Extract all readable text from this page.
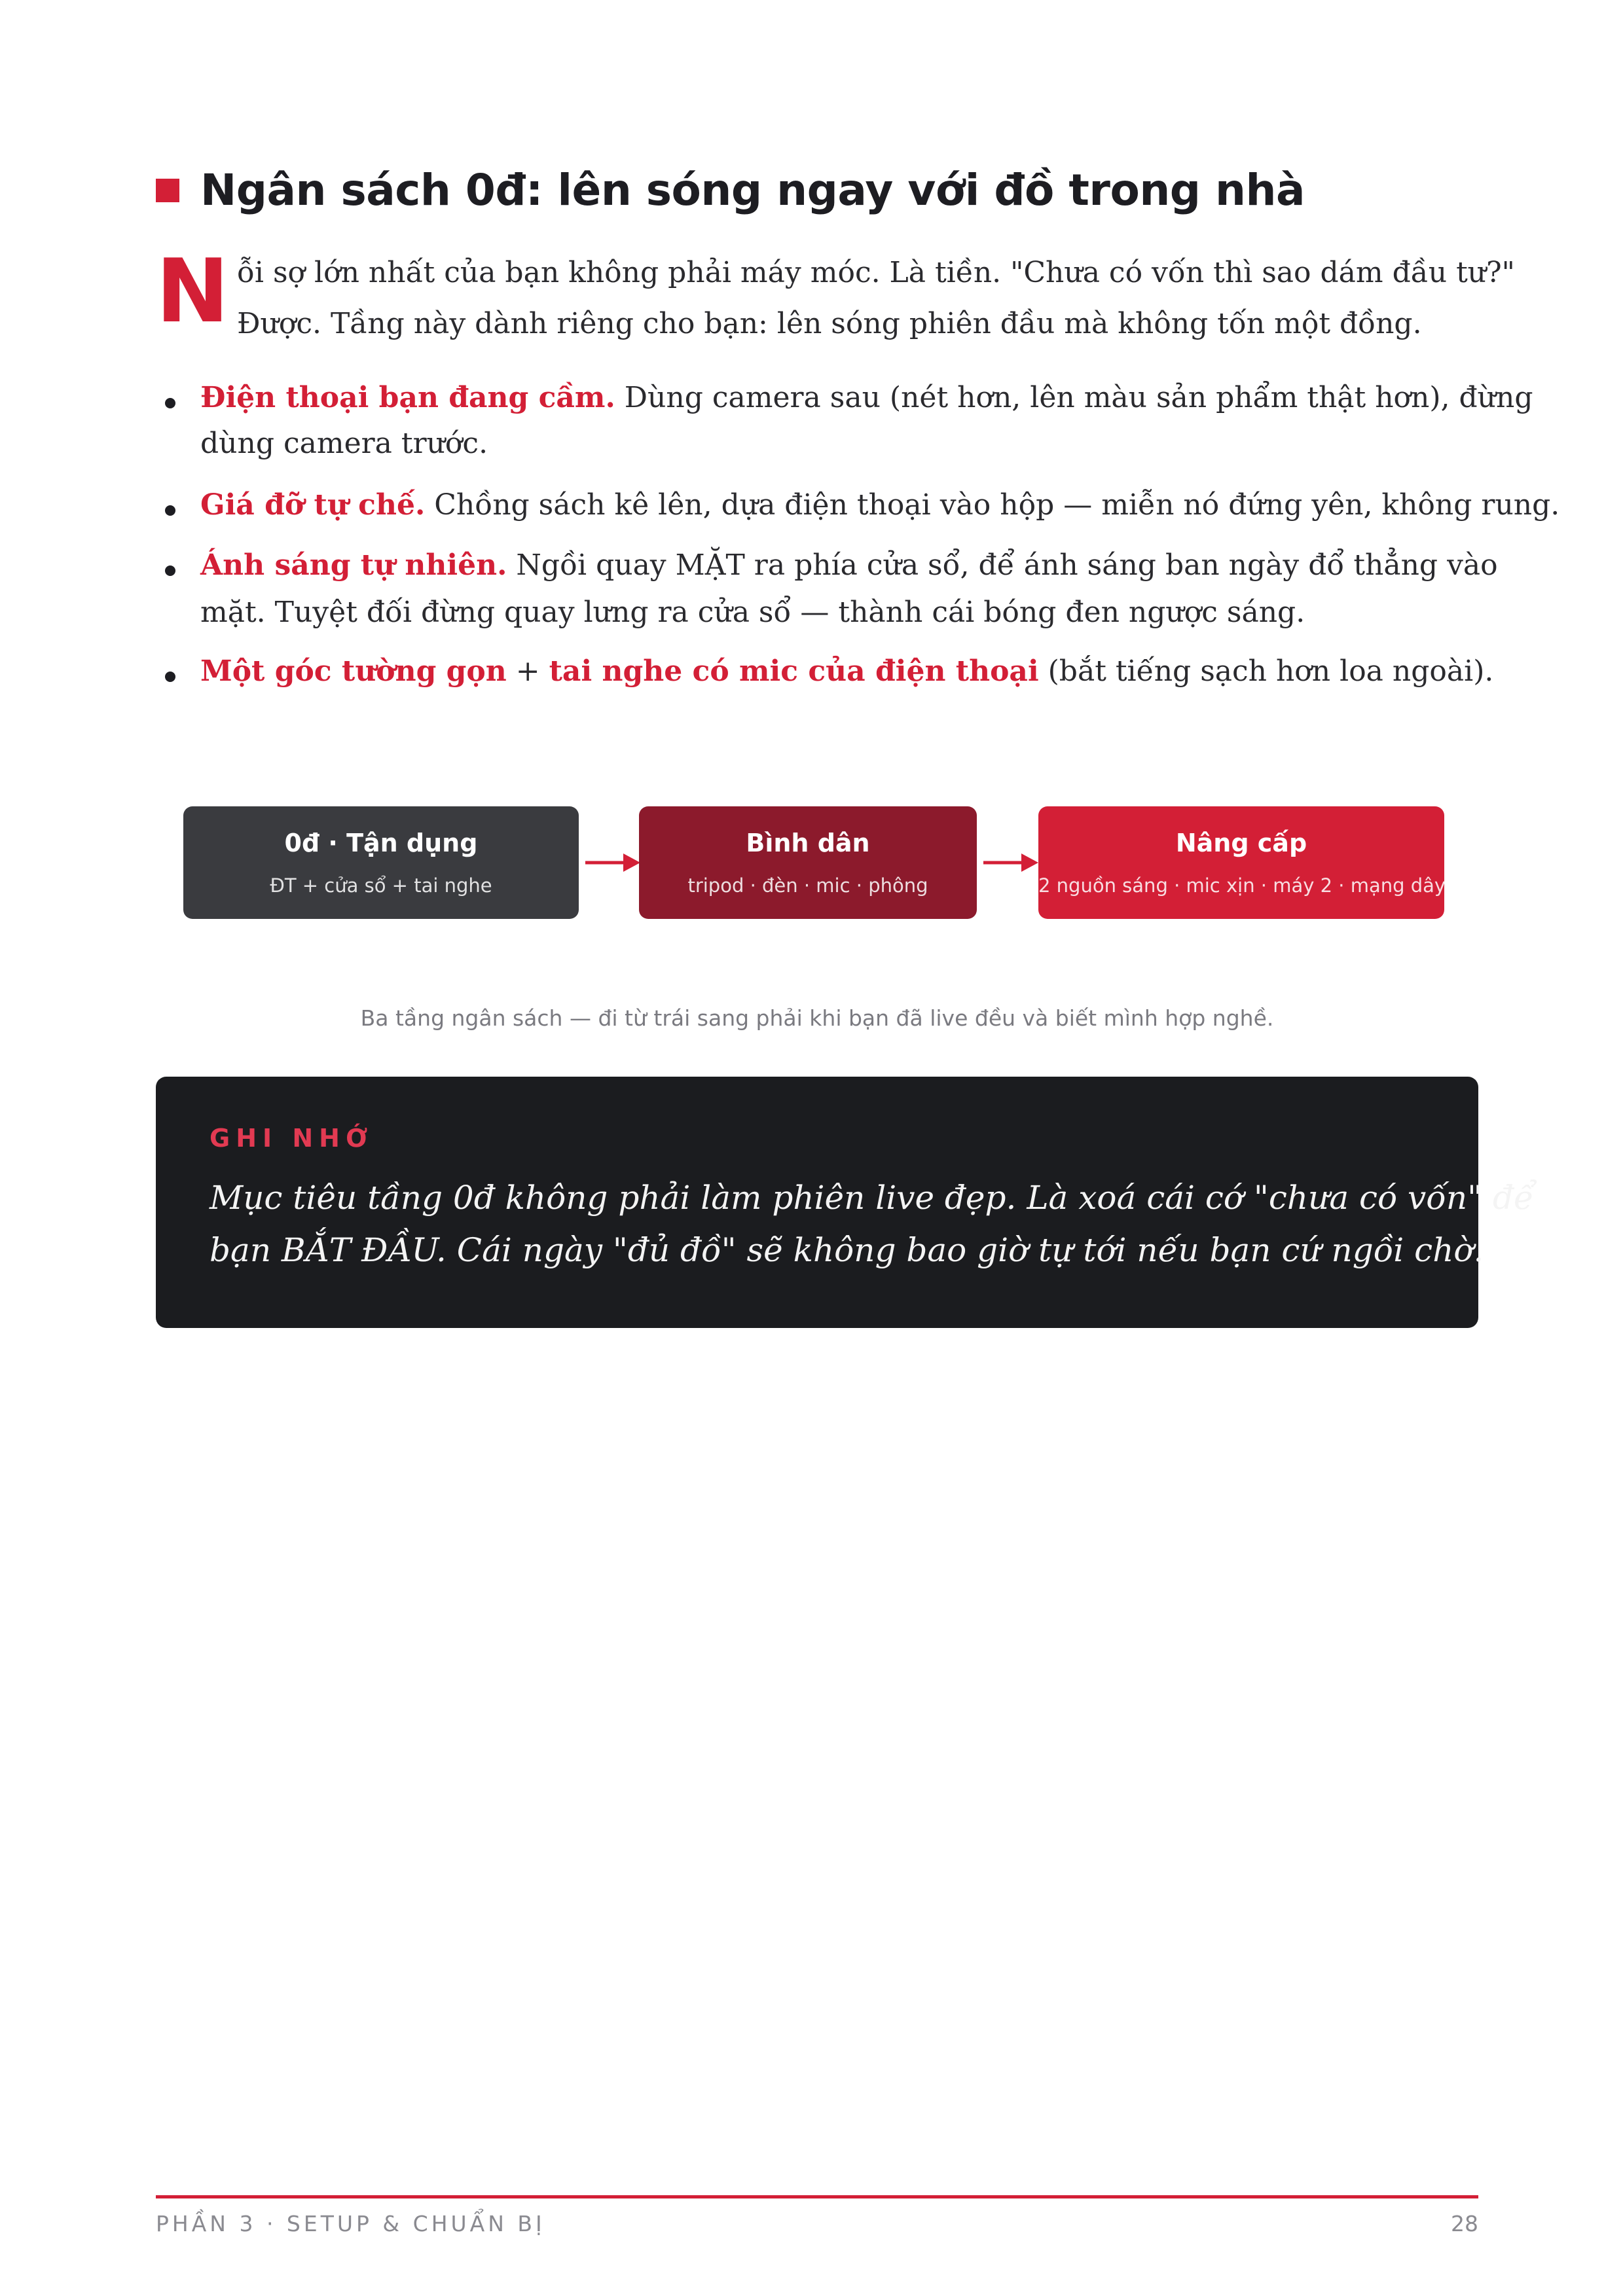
Ngân sách 0đ: lên sóng ngay với đồ trong nhà
N ỗi sợ lớn nhất của bạn không phải máy móc. Là tiền. "Chưa có vốn thì sao dám đầu tư?"
Được. Tầng này dành riêng cho bạn: lên sóng phiên đầu mà không tốn một đồng.
Điện thoại bạn đang cầm. Dùng camera sau (nét hơn, lên màu sản phẩm thật hơn), đừng
dùng camera trước.
Giá đỡ tự chế. Chồng sách kê lên, dựa điện thoại vào hộp — miễn nó đứng yên, không rung.
Ánh sáng tự nhiên. Ngồi quay MẶT ra phía cửa sổ, để ánh sáng ban ngày đổ thẳng vào
mặt. Tuyệt đối đừng quay lưng ra cửa sổ — thành cái bóng đen ngược sáng.
Một góc tường gọn + tai nghe có mic của điện thoại (bắt tiếng sạch hơn loa ngoài).
0đ · Tận dụng
ĐT + cửa sổ + tai nghe
Bình dân
tripod · đèn · mic · phông
Nâng cấp
2 nguồn sáng · mic xịn · máy 2 · mạng dây
Ba tầng ngân sách — đi từ trái sang phải khi bạn đã live đều và biết mình hợp nghề.
GHI NHỚ
Mục tiêu tầng 0đ không phải làm phiên live đẹp. Là xoá cái cớ "chưa có vốn" để
bạn BẮT ĐẦU. Cái ngày "đủ đồ" sẽ không bao giờ tự tới nếu bạn cứ ngồi chờ.
PHẦN 3 · SETUP & CHUẨN BỊ	28
